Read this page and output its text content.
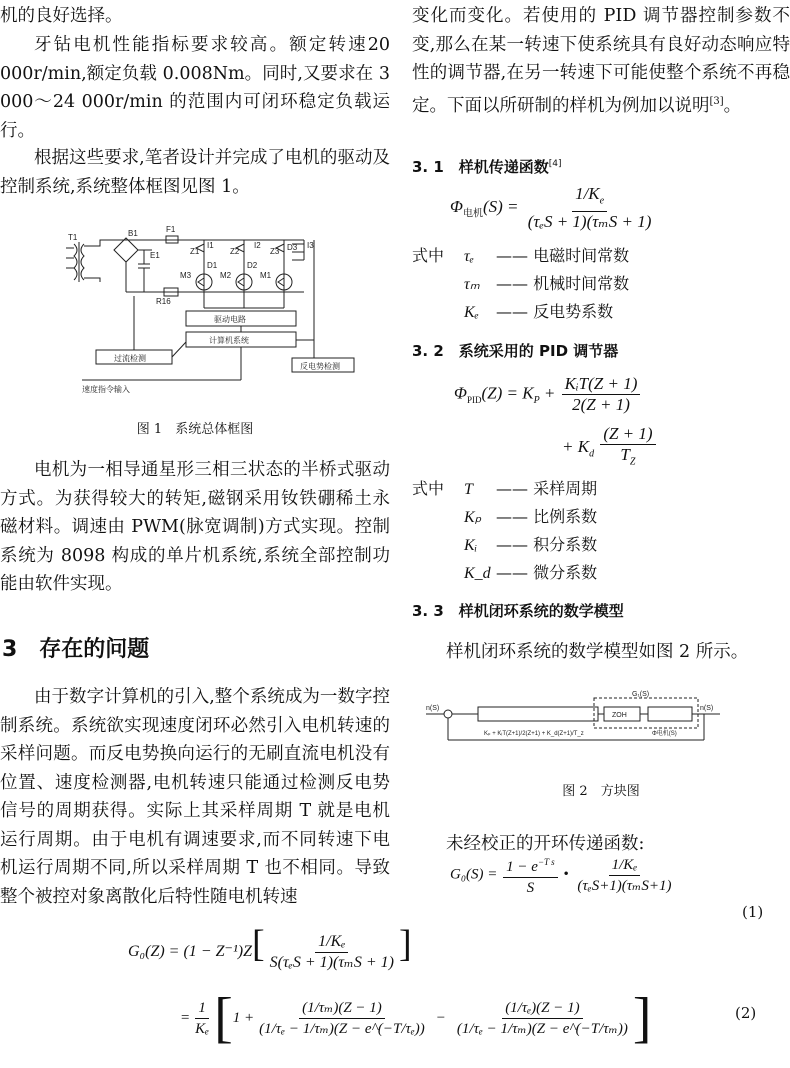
机的良好选择。

牙钻电机性能指标要求较高。额定转速20 000r/min,额定负载 0.008Nm。同时,又要求在 3 000～24 000r/min 的范围内可闭环稳定负载运行。

根据这些要求,笔者设计并完成了电机的驱动及控制系统,系统整体框图见图 1。

T1	B1	F1
E1	Z1	Z2	Z3
D1	D2
D3
I1	I2	I3
M1
M2
M3
R16
驱动电路
计算机系统
过流检测
反电势检测
速度指令输入

图 1　系统总体框图

电机为一相导通星形三相三状态的半桥式驱动方式。为获得较大的转矩,磁钢采用钕铁硼稀土永磁材料。调速由 PWM(脉宽调制)方式实现。控制系统为 8098 构成的单片机系统,系统全部控制功能由软件实现。

3　存在的问题

由于数字计算机的引入,整个系统成为一数字控制系统。系统欲实现速度闭环必然引入电机转速的采样问题。而反电势换向运行的无刷直流电机没有位置、速度检测器,电机转速只能通过检测反电势信号的周期获得。实际上其采样周期 T 就是电机运行周期。由于电机有调速要求,而不同转速下电机运行周期不同,所以采样周期 T 也不相同。导致整个被控对象离散化后特性随电机转速

变化而变化。若使用的 PID 调节器控制参数不变,那么在某一转速下使系统具有良好动态响应特性的调节器,在另一转速下可能使整个系统不再稳定。下面以所研制的样机为例加以说明[3]。

3. 1　样机传递函数[4]
$\Phi_{电机}(S) = \frac{1/K_e}{\text{(τₑS + 1)(τₘS + 1)}}$
式中 τₑ —— 电磁时间常数
τₘ —— 机械时间常数
Kₑ —— 反电势系数
3. 2　系统采用的 PID 调节器
$\Phi_{PID}(Z) = K_P + \frac{\text{KᵢT(Z + 1)}}{2(Z + 1)}$
+ $K_d \frac{(Z + 1)}{T_Z}$
式中 T —— 采样周期
Kₚ —— 比例系数
Kᵢ —— 积分系数
K_d —— 微分系数
3. 3　样机闭环系统的数学模型

样机闭环系统的数学模型如图 2 所示。

n(S)	n(S)
G₁(S)
ZOH
Kₚ + KᵢT(Z+1)/2(Z+1) + K_d(Z+1)/T_z	Φ电机(S)

图 2　方块图

未经校正的开环传递函数:

$G_0(S) = \frac{1 - e^{-T s}}{S}$ • $\frac{\text{1/Kₑ}}{\text{(τₑS+1)(τₘS+1)}}$
(1)
$G_0(Z) = (1 - Z^{-1})Z[ \frac{\text{1/Kₑ}}{\text{S(τₑS + 1)(τₘS + 1)}}$ ]
= $\frac{1}{\text{Kₑ}}$ [ $1 + \frac{\text{(1/τₘ)(Z − 1)}}{\text{(1/τₑ − 1/τₘ)(Z − e\textasciicircum{}(−T/τₑ))}} - \frac{\text{(1/τₑ)(Z − 1)}}{\text{(1/τₑ − 1/τₘ)(Z − e\textasciicircum{}(−T/τₘ))}}$ ]	(2)
